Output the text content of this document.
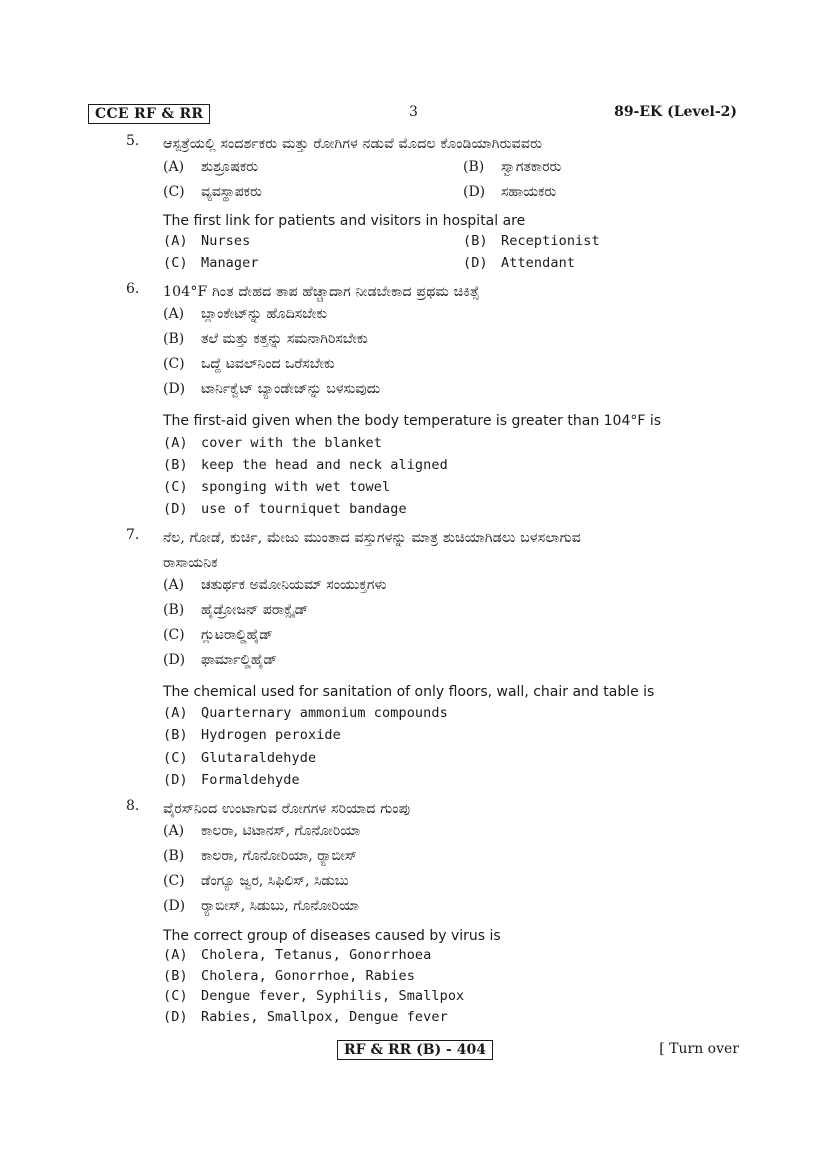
CCE RF & RR	3	89-EK (Level-2)
5. ಆಸ್ಪತ್ರೆಯಲ್ಲಿ ಸಂದರ್ಶಕರು ಮತ್ತು ರೋಗಿಗಳ ನಡುವೆ ಮೊದಲ ಕೊಂಡಿಯಾಗಿರುವವರು
(A) ಶುಶ್ರೂಷಕರು	(B) ಸ್ವಾಗತಕಾರರು
(C) ವ್ಯವಸ್ಥಾಪಕರು	(D) ಸಹಾಯಕರು
The first link for patients and visitors in hospital are
(A) Nurses	(B) Receptionist
(C) Manager	(D) Attendant
6. 104°F ಗಿಂತ ದೇಹದ ತಾಪ ಹೆಚ್ಚಾದಾಗ ನೀಡಬೇಕಾದ ಪ್ರಥಮ ಚಿಕಿತ್ಸೆ
(A) ಬ್ಲಾಂಕೇಟ್‌ನ್ನು ಹೊದಿಸಬೇಕು
(B) ತಲೆ ಮತ್ತು ಕತ್ತನ್ನು ಸಮನಾಗಿರಿಸಬೇಕು
(C) ಒದ್ದೆ ಟವಲ್‌ನಿಂದ ಒರೆಸಬೇಕು
(D) ಟಾರ್ನಿಕ್ವೆಟ್ ಬ್ಯಾಂಡೇಜ್‌ನ್ನು ಬಳಸುವುದು
The first-aid given when the body temperature is greater than 104°F is
(A) cover with the blanket
(B) keep the head and neck aligned
(C) sponging with wet towel
(D) use of tourniquet bandage
7. ನೆಲ, ಗೋಡೆ, ಕುರ್ಚಿ, ಮೇಜು ಮುಂತಾದ ವಸ್ತುಗಳನ್ನು ಮಾತ್ರ ಶುಚಿಯಾಗಿಡಲು ಬಳಸಲಾಗುವ
ರಾಸಾಯನಿಕ
(A) ಚತುರ್ಥಕ ಅಮೋನಿಯಮ್ ಸಂಯುಕ್ತಗಳು
(B) ಹೈಡ್ರೋಜನ್ ಪರಾಕ್ಸೈಡ್
(C) ಗ್ಲುಟರಾಲ್ಡಿಹೈಡ್
(D) ಫಾರ್ಮಾಲ್ಡಿಹೈಡ್
The chemical used for sanitation of only floors, wall, chair and table is
(A) Quarternary ammonium compounds
(B) Hydrogen peroxide
(C) Glutaraldehyde
(D) Formaldehyde
8. ವೈರಸ್‌ನಿಂದ ಉಂಟಾಗುವ ರೋಗಗಳ ಸರಿಯಾದ ಗುಂಪು
(A) ಕಾಲರಾ, ಟಿಟಾನಸ್, ಗೊನೋರಿಯಾ
(B) ಕಾಲರಾ, ಗೊನೋರಿಯಾ, ರ್‍ಯಾಬೀಸ್
(C) ಡೆಂಗ್ಯೂ ಜ್ವರ, ಸಿಫಿಲಿಸ್, ಸಿಡುಬು
(D) ರ್‍ಯಾಬೀಸ್, ಸಿಡುಬು, ಗೊನೋರಿಯಾ
The correct group of diseases caused by virus is
(A) Cholera, Tetanus, Gonorrhoea
(B) Cholera, Gonorrhoe, Rabies
(C) Dengue fever, Syphilis, Smallpox
(D) Rabies, Smallpox, Dengue fever
RF & RR (B) - 404	[ Turn over
